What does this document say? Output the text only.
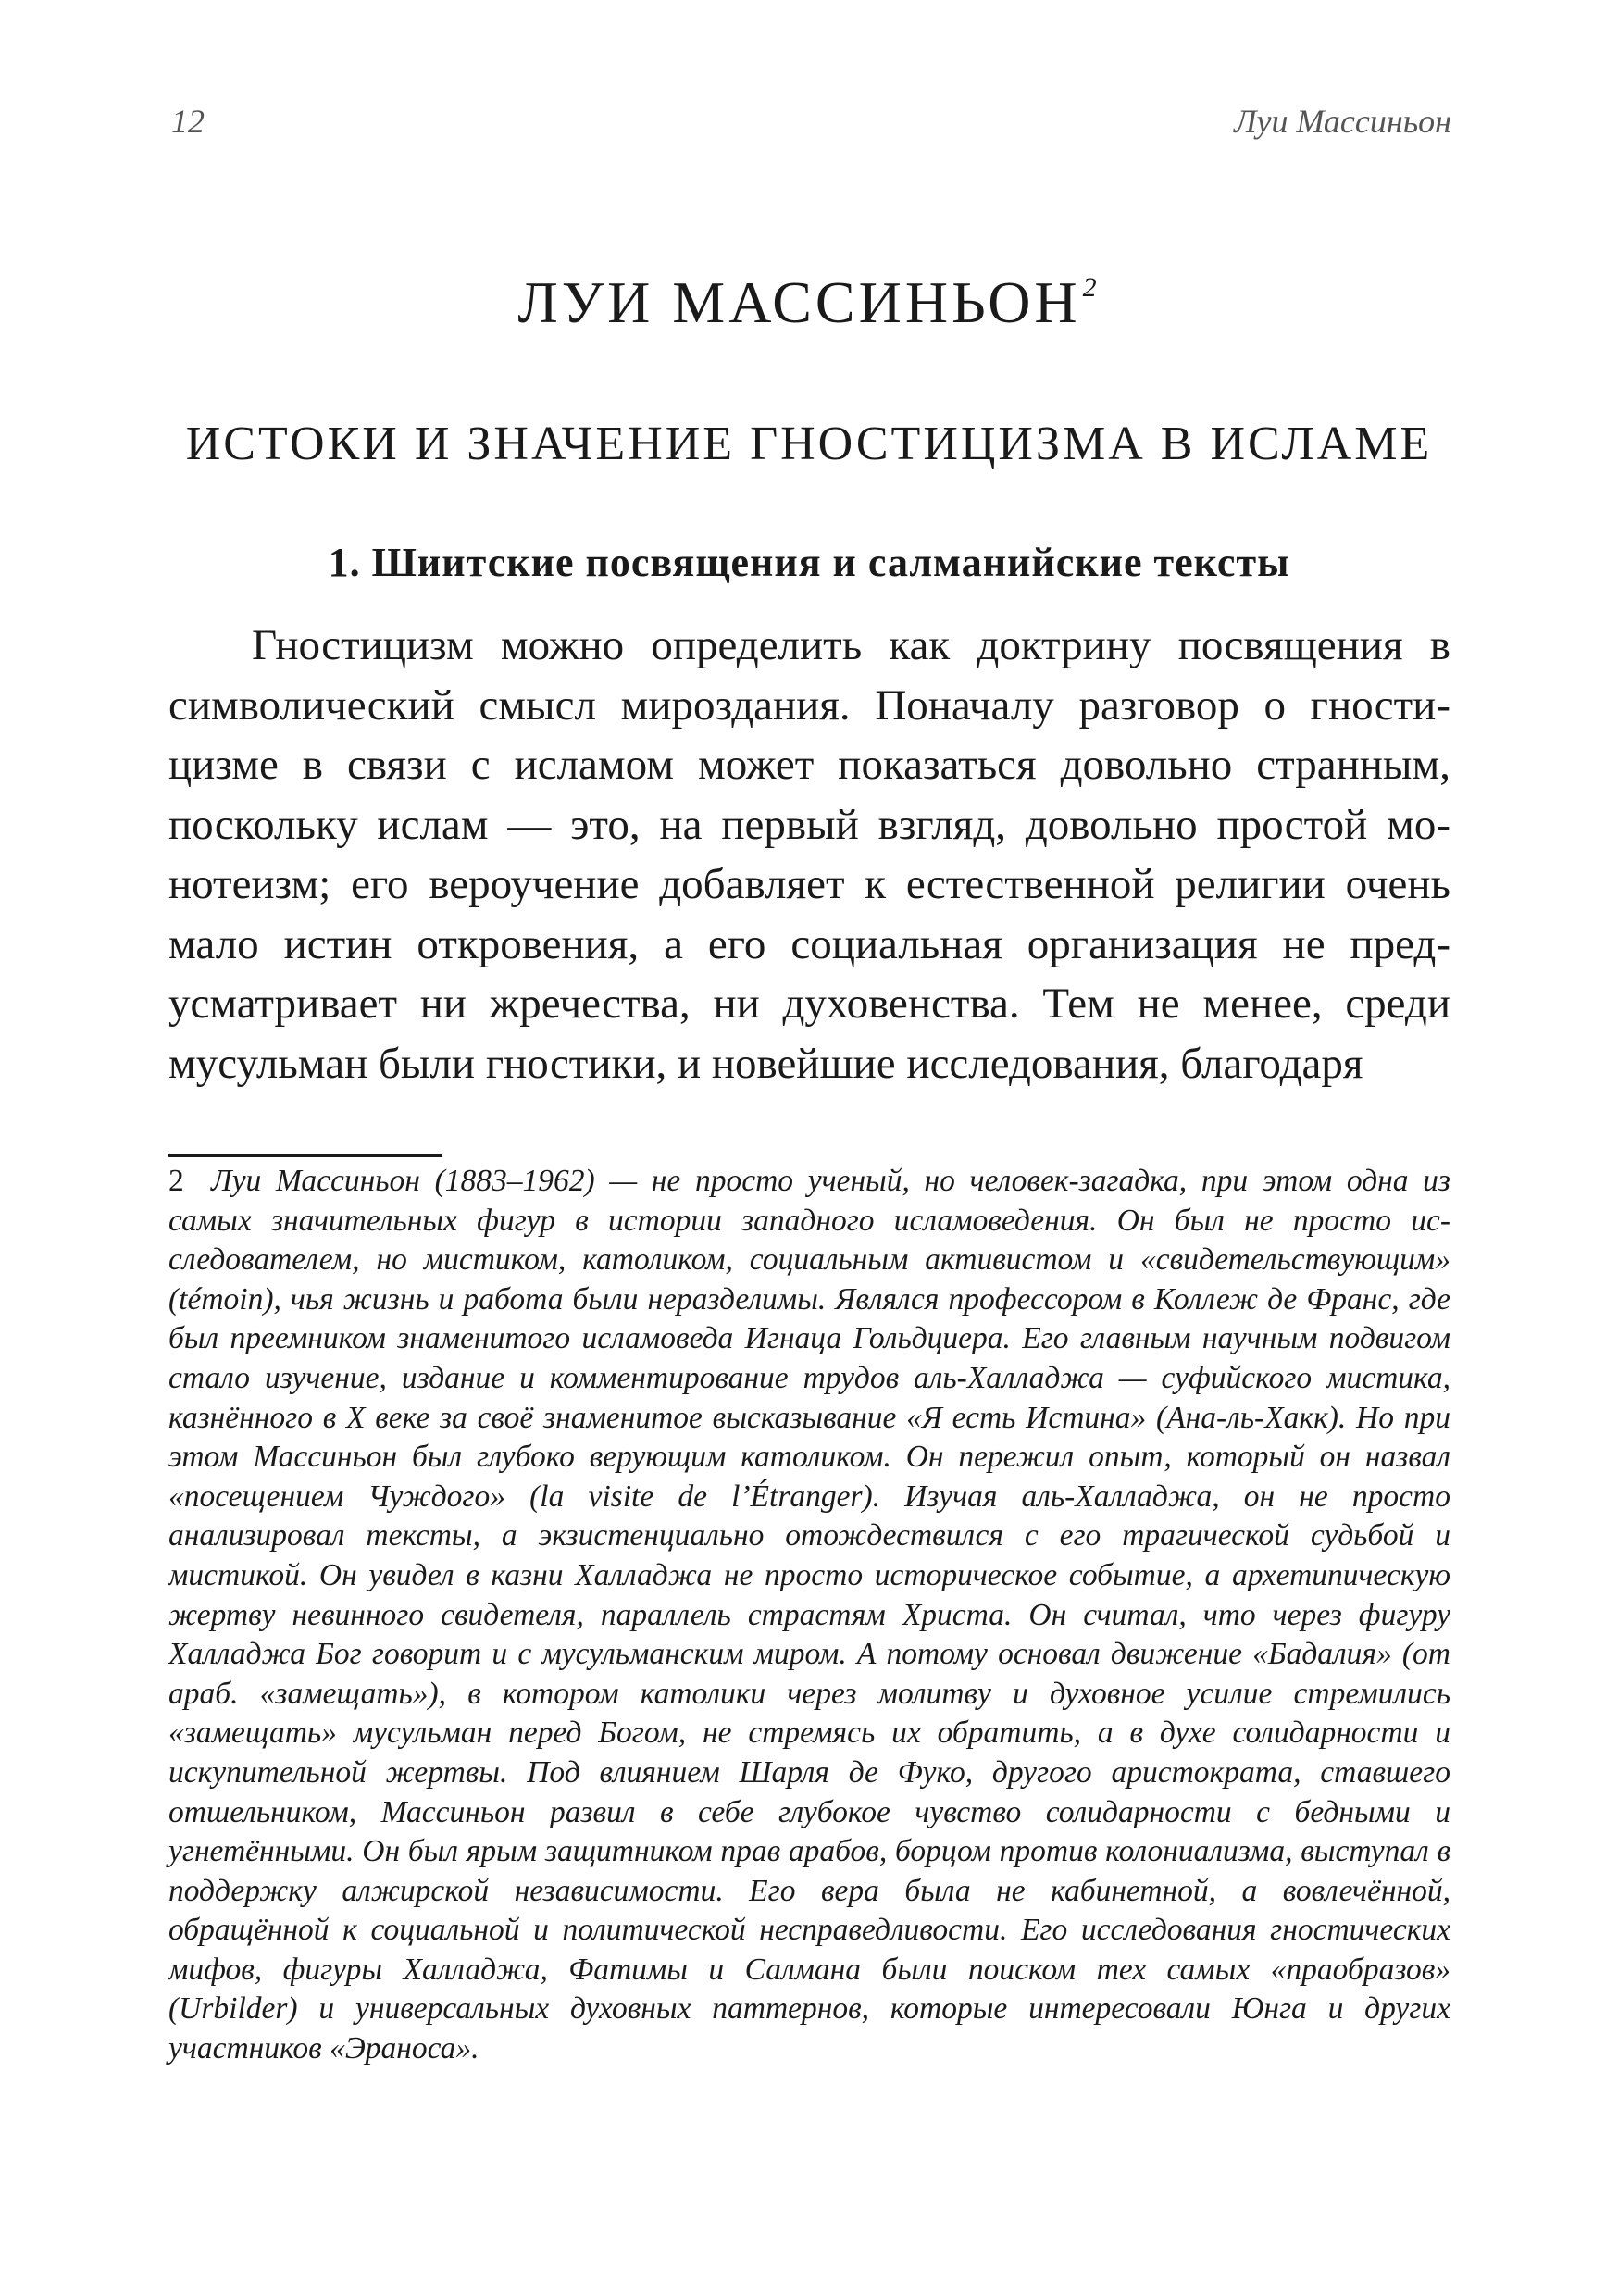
12	Луи Массиньон
ЛУИ МАССИНЬОН$^2$
ИСТОКИ И ЗНАЧЕНИЕ ГНОСТИЦИЗМА В ИСЛАМЕ
1. Шиитские посвящения и салманийские тексты

Гностицизм можно определить как доктрину посвящения в символический смысл мироздания. Поначалу разговор о гностицизме в связи с исламом может показаться довольно странным, поскольку ислам — это, на первый взгляд, довольно простой монотеизм; его вероучение добавляет к естественной религии очень мало истин откровения, а его социальная организация не предусматривает ни жречества, ни духовенства. Тем не менее, среди мусульман были гностики, и новейшие исследования, благодаря

2 Луи Массиньон (1883–1962) — не просто ученый, но человек-загадка, при этом одна из самых значительных фигур в истории западного исламоведения. Он был не просто исследователем, но мистиком, католиком, социальным активистом и «свидетельствующим» (témoin), чья жизнь и работа были неразделимы. Являлся профессором в Коллеж де Франс, где был преемником знаменитого исламоведа Игнаца Гольдциера. Его главным научным подвигом стало изучение, издание и комментирование трудов аль-Халладжа — суфийского мистика, казнённого в X веке за своё знаменитое высказывание «Я есть Истина» (Ана-ль-Хакк). Но при этом Массиньон был глубоко верующим католиком. Он пережил опыт, который он назвал «посещением Чуждого» (la visite de l’Étranger). Изучая аль-Халладжа, он не просто анализировал тексты, а экзистенциально отождествился с его трагической судьбой и мистикой. Он увидел в казни Халладжа не просто историческое событие, а архетипическую жертву невинного свидетеля, параллель страстям Христа. Он считал, что через фигуру Халладжа Бог говорит и с мусульманским миром. А потому основал движение «Бадалия» (от араб. «замещать»), в котором католики через молитву и духовное усилие стремились «замещать» мусульман перед Богом, не стремясь их обратить, а в духе солидарности и искупительной жертвы. Под влиянием Шарля де Фуко, другого аристократа, ставшего отшельником, Массиньон развил в себе глубокое чувство солидарности с бедными и угнетёнными. Он был ярым защитником прав арабов, борцом против колониализма, выступал в поддержку алжирской независимости. Его вера была не кабинетной, а вовлечённой, обращённой к социальной и политической несправедливости. Его исследования гностических мифов, фигуры Халладжа, Фатимы и Салмана были поиском тех самых «праобразов» (Urbilder) и универсальных духовных паттернов, которые интересовали Юнга и других участников «Эраноса».
